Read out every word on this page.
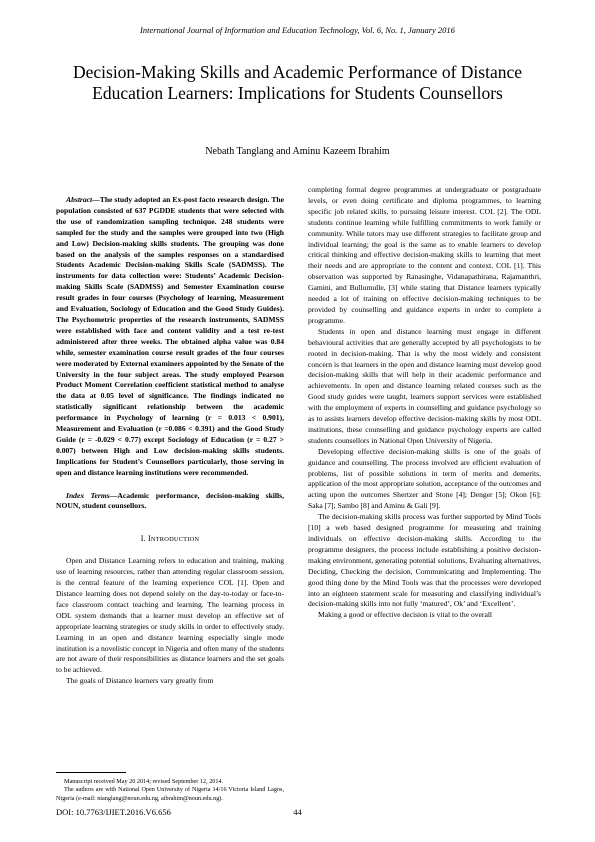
International Journal of Information and Education Technology, Vol. 6, No. 1, January 2016
Decision-Making Skills and Academic Performance of Distance Education Learners: Implications for Students Counsellors
Nebath Tanglang and Aminu Kazeem Ibrahim

Abstract—The study adopted an Ex-post facto research design. The population consisted of 637 PGDDE students that were selected with the use of randomization sampling technique. 248 students were sampled for the study and the samples were grouped into two (High and Low) Decision-making skills students. The grouping was done based on the analysis of the samples responses on a standardised Students Academic Decision-making Skills Scale (SADMSS). The instruments for data collection were: Students’ Academic Decision-making Skills Scale (SADMSS) and Semester Examination course result grades in four courses (Psychology of learning, Measurement and Evaluation, Sociology of Education and the Good Study Guides). The Psychometric properties of the research instruments, SADMSS were established with face and content validity and a test re-test administered after three weeks. The obtained alpha value was 0.84 while, semester examination course result grades of the four courses were moderated by External examiners appointed by the Senate of the University in the four subject areas. The study employed Pearson Product Moment Correlation coefficient statistical method to analyse the data at 0.05 level of significance. The findings indicated no statistically significant relationship between the academic performance in Psychology of learning (r = 0.013 < 0.901), Measurement and Evaluation (r =0.086 < 0.391) and the Good Study Guide (r = -0.029 < 0.77) except Sociology of Education (r = 0.27 > 0.007) between High and Low decision-making skills students. Implications for Student’s Counsellors particularly, those serving in open and distance learning institutions were recommended.

Index Terms—Academic performance, decision-making skills, NOUN, student counsellors.

I. INTRODUCTION

Open and Distance Learning refers to education and training, making use of learning resources, rather than attending regular classroom session, is the central feature of the learning experience COL [1]. Open and Distance learning does not depend solely on the day-to-today or face-to-face classroom contact teaching and learning. The learning process in ODL system demands that a learner must develop an effective set of appropriate learning strategies or study skills in order to effectively study. Learning in an open and distance learning especially single mode institution is a novelistic concept in Nigeria and often many of the students are not aware of their responsibilities as distance learners and the set goals to be achieved.

The goals of Distance learners vary greatly from

completing formal degree programmes at undergraduate or postgraduate levels, or even doing certificate and diploma programmes, to learning specific job related skills, to pursuing leisure interest. COL [2]. The ODL students continue learning while fulfilling commitments to work family or community. While tutors may use different strategies to facilitate group and individual learning; the goal is the same as to enable learners to develop critical thinking and effective decision-making skills to learning that meet their needs and are appropriate to the content and context. COL [1]. This observation was supported by Ranasinghe, Vidanapathirana, Rajamanthri, Gamini, and Bullumulle, [3] while stating that Distance learners typically needed a lot of training on effective decision-making techniques to be provided by counselling and guidance experts in order to complete a programme.

Students in open and distance learning must engage in different behavioural activities that are generally accepted by all psychologists to be rooted in decision-making. That is why the most widely and consistent concern is that learners in the open and distance learning must develop good decision-making skills that will help in their academic performance and achievements. In open and distance learning related courses such as the Good study guides were taught, learners support services were established with the employment of experts in counselling and guidance psychology so as to assists learners develop effective decision-making skills by most ODL institutions, these counselling and guidance psychology experts are called students counsellors in National Open University of Nigeria.

Developing effective decision-making skills is one of the goals of guidance and counselling. The process involved are efficient evaluation of problems, list of possible solutions in term of merits and demerits, application of the most appropriate solution, acceptance of the outcomes and acting upon the outcomes Shertzer and Stone [4]; Denger [5]; Okon [6]; Saka [7]; Sambo [8] and Aminu & Gali [9].

The decision-making skills process was further supported by Mind Tools [10] a web based designed programme for measuring and training individuals on effective decision-making skills. According to the programme designers, the process include establishing a positive decision-making environment, generating potential solutions, Evaluating alternatives, Deciding, Checking the decision, Communicating and Implementing. The good thing done by the Mind Tools was that the processes were developed into an eighteen statement scale for measuring and classifying individual’s decision-making skills into not fully ‘matured’, Ok’ and ‘Excellent’.

Making a good or effective decision is vital to the overall

Manuscript received May 20 2014; revised September 12, 2014.

The authors are with National Open University of Nigeria 14/16 Victoria Island Lagos, Nigeria (e-mail: ntanglang@noun.edu.ng, aibrahim@noun.edu.ng).

DOI: 10.7763/IJIET.2016.V6.656	44
